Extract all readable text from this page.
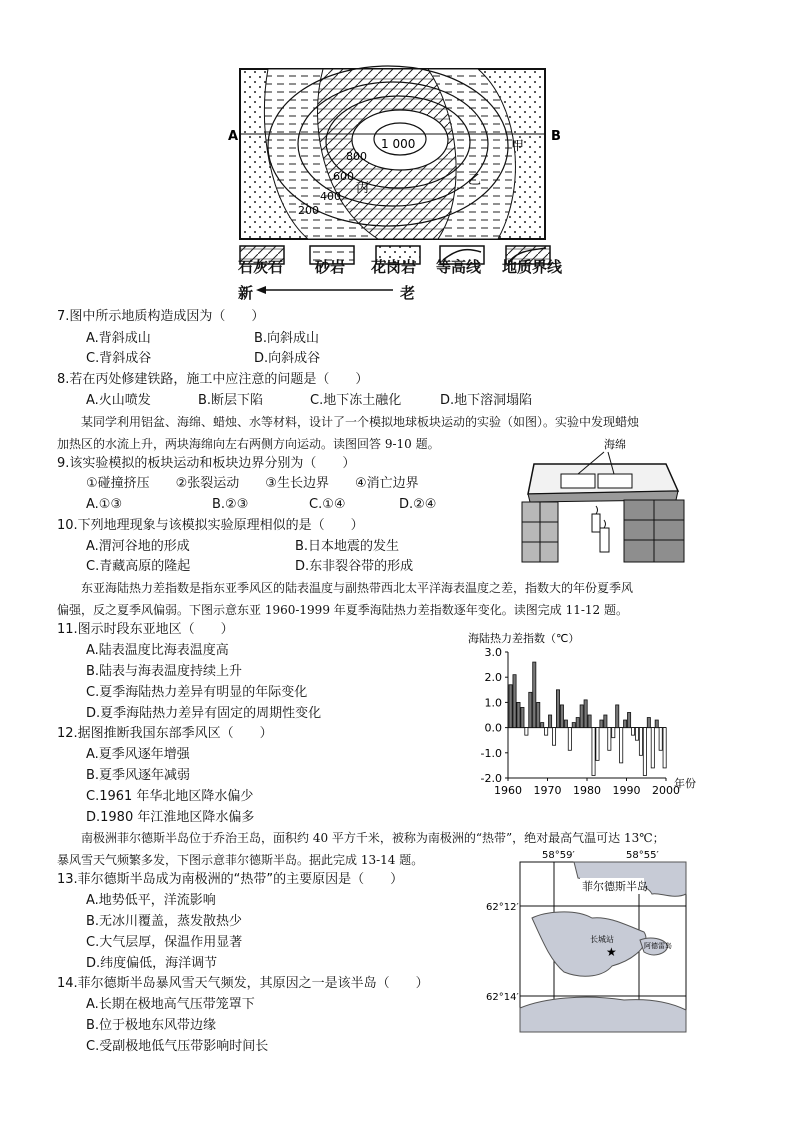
A	B
1 000
800
600
400
200
甲
乙
丙
石灰石 砂岩 花岗岩 等高线 地质界线
新	老
7.图中所示地质构造成因为（　　）
A.背斜成山	B.向斜成山
C.背斜成谷	D.向斜成谷
8.若在丙处修建铁路，施工中应注意的问题是（　　）
A.火山喷发	B.断层下陷	C.地下冻土融化	D.地下溶洞塌陷
　　某同学利用铝盆、海绵、蜡烛、水等材料，设计了一个模拟地球板块运动的实验（如图）。实验中发现蜡烛
加热区的水流上升，两块海绵向左右两侧方向运动。读图回答 9-10 题。	海绵
9.该实验模拟的板块运动和板块边界分别为（　　）
①碰撞挤压　　②张裂运动　　③生长边界　　④消亡边界
A.①③	B.②③	C.①④	D.②④
10.下列地理现象与该模拟实验原理相似的是（　　）
A.渭河谷地的形成	B.日本地震的发生
C.青藏高原的隆起	D.东非裂谷带的形成
　　东亚海陆热力差指数是指东亚季风区的陆表温度与副热带西北太平洋海表温度之差，指数大的年份夏季风
偏强，反之夏季风偏弱。下图示意东亚 1960-1999 年夏季海陆热力差指数逐年变化。读图完成 11-12 题。
11.图示时段东亚地区（　　）
A.陆表温度比海表温度高
B.陆表与海表温度持续上升
C.夏季海陆热力差异有明显的年际变化
D.夏季海陆热力差异有固定的周期性变化
12.据图推断我国东部季风区（　　）
A.夏季风逐年增强
B.夏季风逐年减弱
C.1961 年华北地区降水偏少
D.1980 年江淮地区降水偏多
海陆热力差指数（℃）
年份
3.0
2.0
1.0
0.0
-1.0
-2.0
1960 1970 1980 1990 2000
　　南极洲菲尔德斯半岛位于乔治王岛，面积约 40 平方千米，被称为南极洲的“热带”，绝对最高气温可达 13℃；
暴风雪天气频繁多发，下图示意菲尔德斯半岛。据此完成 13-14 题。	58°59′	58°55′
62°12′
62°14′
菲尔德斯半岛
长城站
★	阿德雷岛
13.菲尔德斯半岛成为南极洲的“热带”的主要原因是（　　）
A.地势低平，洋流影响
B.无冰川覆盖，蒸发散热少
C.大气层厚，保温作用显著
D.纬度偏低，海洋调节
14.菲尔德斯半岛暴风雪天气频发，其原因之一是该半岛（　　）
A.长期在极地高气压带笼罩下
B.位于极地东风带边缘
C.受副极地低气压带影响时间长
